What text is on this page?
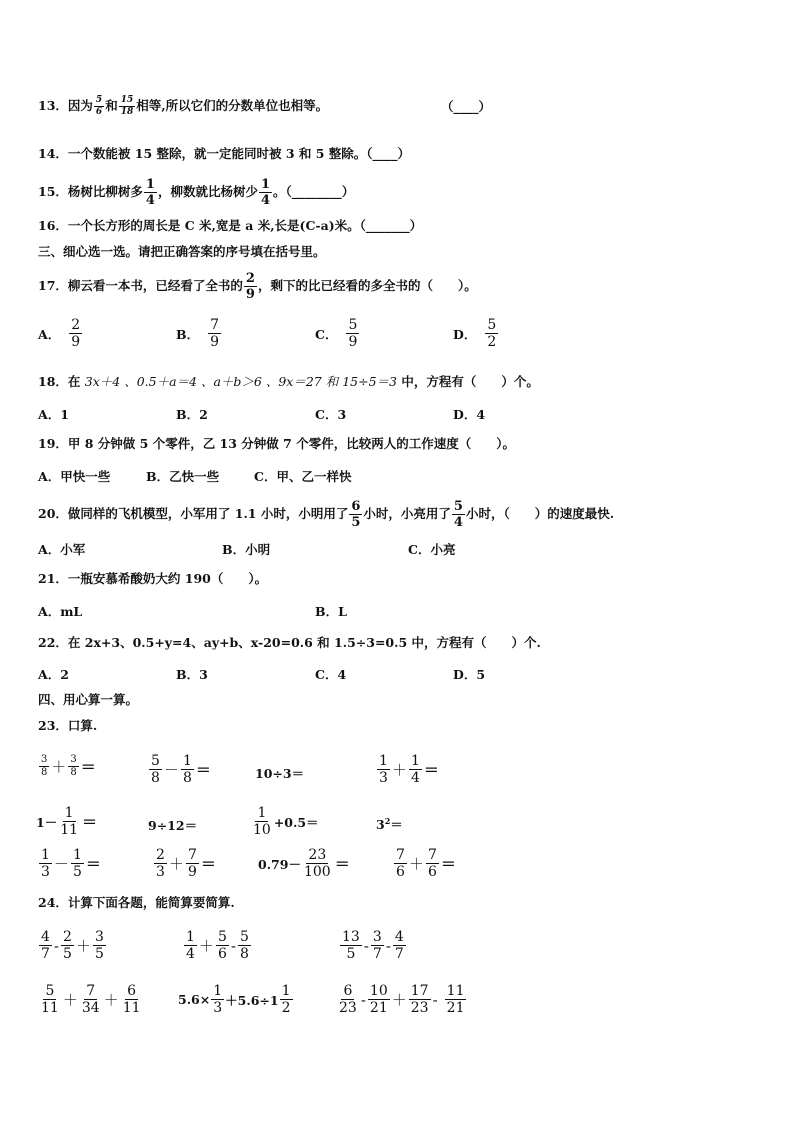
13．因为 $\frac{5}{6}$ 和 $\frac{15}{18}$ 相等,所以它们的分数单位也相等。	（____）
14．一个数能被 15 整除，就一定能同时被 3 和 5 整除。（____）
15．杨树比柳树多 $\frac{1}{4}$ ，柳数就比杨树少 $\frac{1}{4}$ 。（________）
16．一个长方形的周长是 C 米,宽是 a 米,长是(C-a)米。（_______）
三、细心选一选。请把正确答案的序号填在括号里。
17．柳云看一本书，已经看了全书的 $\frac{2}{9}$ ，剩下的比已经看的多全书的（　　）。
A． $\frac{2}{9}$	B． $\frac{7}{9}$	C． $\frac{5}{9}$	D． $\frac{5}{2}$
18．在 3x＋4 、0.5＋a＝4 、a＋b＞6 、9x＝27 和 15÷5＝3 中，方程有（　　）个。
A．1	B．2	C．3	D．4
19．甲 8 分钟做 5 个零件，乙 13 分钟做 7 个零件，比较两人的工作速度（　　）。
A．甲快一些	B．乙快一些	C．甲、乙一样快
20．做同样的飞机模型，小军用了 1.1 小时，小明用了 $\frac{6}{5}$ 小时，小亮用了 $\frac{5}{4}$ 小时，（　　）的速度最快.
A．小军	B．小明	C．小亮
21．一瓶安慕希酸奶大约 190（　　）。
A．mL	B．L
22．在 2x+3、0.5+y=4、ay+b、x-20=0.6 和 1.5÷3=0.5 中，方程有（　　）个.
A．2	B．3	C．4	D．5
四、用心算一算。
23．口算.
$\frac{3}{8} + \frac{3}{8}$ ＝	$\frac{5}{8} - \frac{1}{8}$ ＝	10÷3＝	$\frac{1}{3} + \frac{1}{4}$ ＝
$1- \frac{1}{11}$ ＝	9÷12＝	$\frac{1}{10} +0.5=$	$3^2=$
$\frac{1}{3} - \frac{1}{5}$ ＝	$\frac{2}{3} + \frac{7}{9}$ ＝	$0.79- \frac{23}{100}$ ＝	$\frac{7}{6} + \frac{7}{6}$ ＝
24．计算下面各题，能简算要简算.
$\frac{4}{7} - \frac{2}{5} + \frac{3}{5}$	$\frac{1}{4} + \frac{5}{6} - \frac{5}{8}$	$\frac{13}{5} - \frac{3}{7} - \frac{4}{7}$
$\frac{5}{11} + \frac{7}{34} + \frac{6}{11}$	$5.6\times \frac{1}{3} +5.6\div 1 \frac{1}{2}$	$\frac{6}{23} - \frac{10}{21} + \frac{17}{23} - \frac{11}{21}$
